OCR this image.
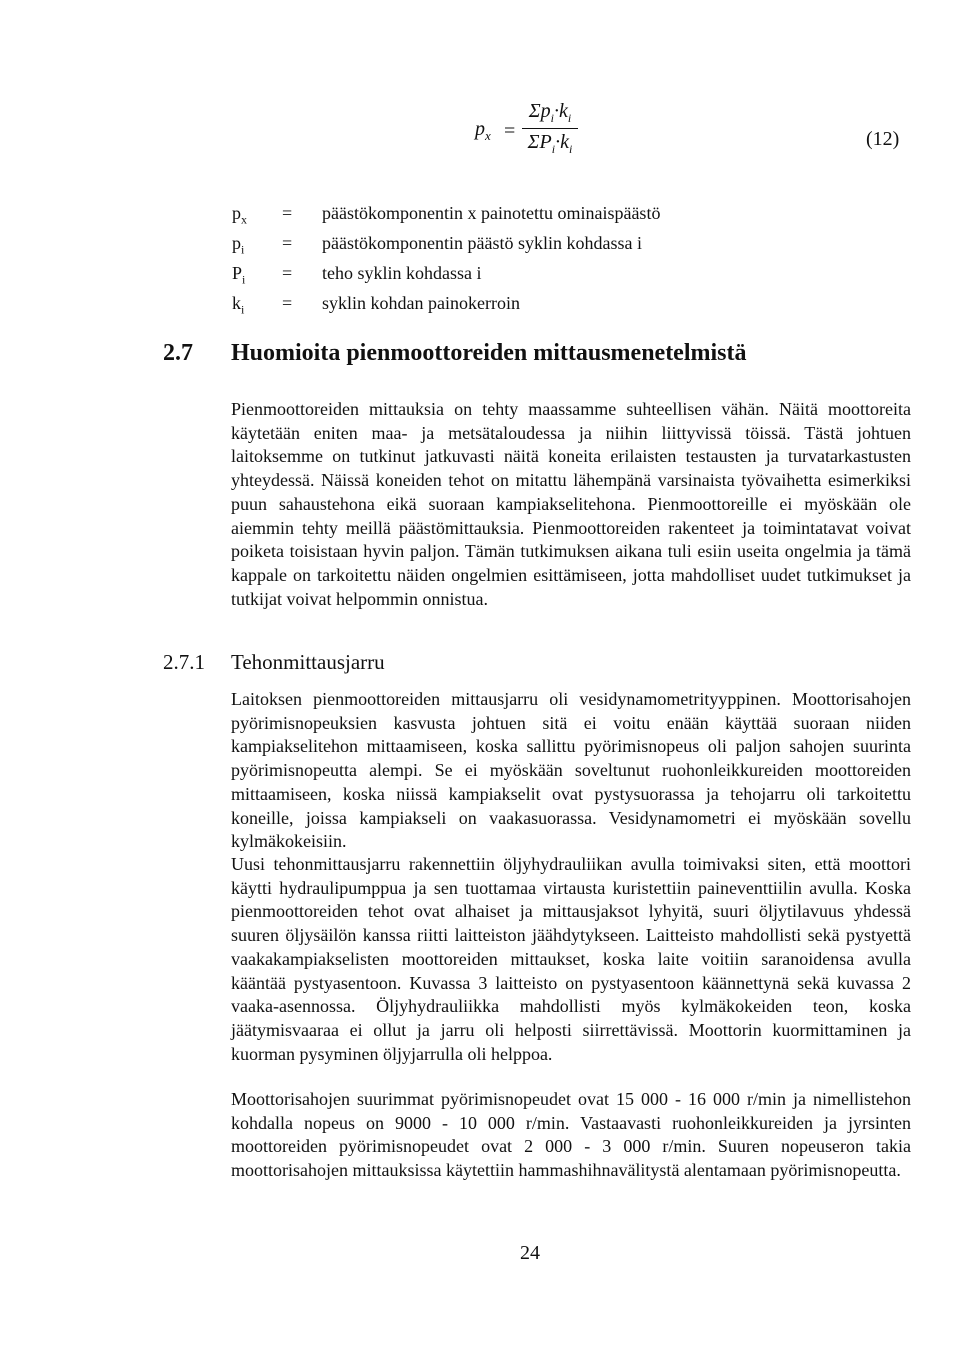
$p_x$ =
$\Sigma p_i\cdot k_i$
$\Sigma P_i\cdot k_i$	(12)
$p_x$	=	päästökomponentin x painotettu ominaispäästö
$p_i$	=	päästökomponentin päästö syklin kohdassa i
$P_i$	=	teho syklin kohdassa i
$k_i$	=	syklin kohdan painokerroin
2.7 Huomioita pienmoottoreiden mittausmenetelmistä

Pienmoottoreiden mittauksia on tehty maassamme suhteellisen vähän. Näitä moottoreita käytetään eniten maa- ja metsätaloudessa ja niihin liittyvissä töissä. Tästä johtuen laitoksemme on tutkinut jatkuvasti näitä koneita erilaisten testausten ja turvatarkastusten yhteydessä. Näissä koneiden tehot on mitattu lähempänä varsinaista työvaihetta esimerkiksi puun sahaustehona eikä suoraan kampiakselitehona. Pienmoottoreille ei myöskään ole aiemmin tehty meillä päästömittauksia. Pienmoottoreiden rakenteet ja toimintatavat voivat poiketa toisistaan hyvin paljon. Tämän tutkimuksen aikana tuli esiin useita ongelmia ja tämä kappale on tarkoitettu näiden ongelmien esittämiseen, jotta mahdolliset uudet tutkimukset ja tutkijat voivat helpommin onnistua.

2.7.1 Tehonmittausjarru

Laitoksen pienmoottoreiden mittausjarru oli vesidynamometrityyppinen. Moottorisahojen pyörimisnopeuksien kasvusta johtuen sitä ei voitu enään käyttää suoraan niiden kampiakselitehon mittaamiseen, koska sallittu pyörimisnopeus oli paljon sahojen suurinta pyörimisnopeutta alempi. Se ei myöskään soveltunut ruohonleikkureiden moottoreiden mittaamiseen, koska niissä kampiakselit ovat pystysuorassa ja tehojarru oli tarkoitettu koneille, joissa kampiakseli on vaakasuorassa. Vesidynamometri ei myöskään sovellu kylmäkokeisiin.

Uusi tehonmittausjarru rakennettiin öljyhydrauliikan avulla toimivaksi siten, että moottori käytti hydraulipumppua ja sen tuottamaa virtausta kuristettiin paineventtiilin avulla. Koska pienmoottoreiden tehot ovat alhaiset ja mittausjaksot lyhyitä, suuri öljytilavuus yhdessä suuren öljysäilön kanssa riitti laitteiston jäähdytykseen. Laitteisto mahdollisti sekä pystyettä vaakakampiakselisten moottoreiden mittaukset, koska laite voitiin saranoidensa avulla kääntää pystyasentoon. Kuvassa 3 laitteisto on pystyasentoon käännettynä sekä kuvassa 2 vaaka-asennossa. Öljyhydrauliikka mahdollisti myös kylmäkokeiden teon, koska jäätymisvaaraa ei ollut ja jarru oli helposti siirrettävissä. Moottorin kuormittaminen ja kuorman pysyminen öljyjarrulla oli helppoa.

Moottorisahojen suurimmat pyörimisnopeudet ovat 15 000 - 16 000 r/min ja nimellistehon kohdalla nopeus on 9000 - 10 000 r/min. Vastaavasti ruohonleikkureiden ja jyrsinten moottoreiden pyörimisnopeudet ovat 2 000 - 3 000 r/min. Suuren nopeuseron takia moottorisahojen mittauksissa käytettiin hammashihnavälitystä alentamaan pyörimisnopeutta.

24
